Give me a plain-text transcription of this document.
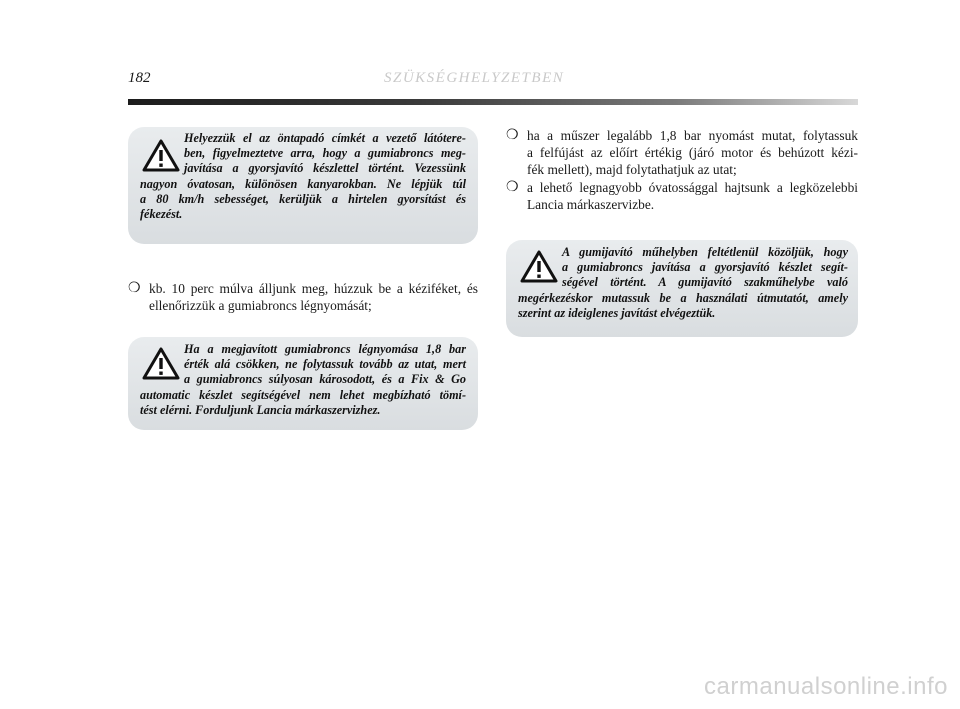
182	SZÜKSÉGHELYZETBEN

Helyezzük el az öntapadó címkét a vezető látótere-
ben, figyelmeztetve arra, hogy a gumiabroncs meg-
javítása a gyorsjavító készlettel történt. Vezessünk
nagyon óvatosan, különösen kanyarokban. Ne lépjük túl
a 80 km/h sebességet, kerüljük a hirtelen gyorsítást és
fékezést.

❍ kb. 10 perc múlva álljunk meg, húzzuk be a kéziféket, és
ellenőrizzük a gumiabroncs légnyomását;

Ha a megjavított gumiabroncs légnyomása 1,8 bar
érték alá csökken, ne folytassuk tovább az utat, mert
a gumiabroncs súlyosan károsodott, és a Fix & Go
automatic készlet segítségével nem lehet megbízható tömí-
tést elérni. Forduljunk Lancia márkaszervizhez.

❍ ha a műszer legalább 1,8 bar nyomást mutat, folytassuk
a felfújást az előírt értékig (járó motor és behúzott kézi-
fék mellett), majd folytathatjuk az utat;
❍ a lehető legnagyobb óvatossággal hajtsunk a legközelebbi
Lancia márkaszervizbe.

A gumijavító műhelyben feltétlenül közöljük, hogy
a gumiabroncs javítása a gyorsjavító készlet segít-
ségével történt. A gumijavító szakműhelybe való
megérkezéskor mutassuk be a használati útmutatót, amely
szerint az ideiglenes javítást elvégeztük.

carmanualsonline.info
